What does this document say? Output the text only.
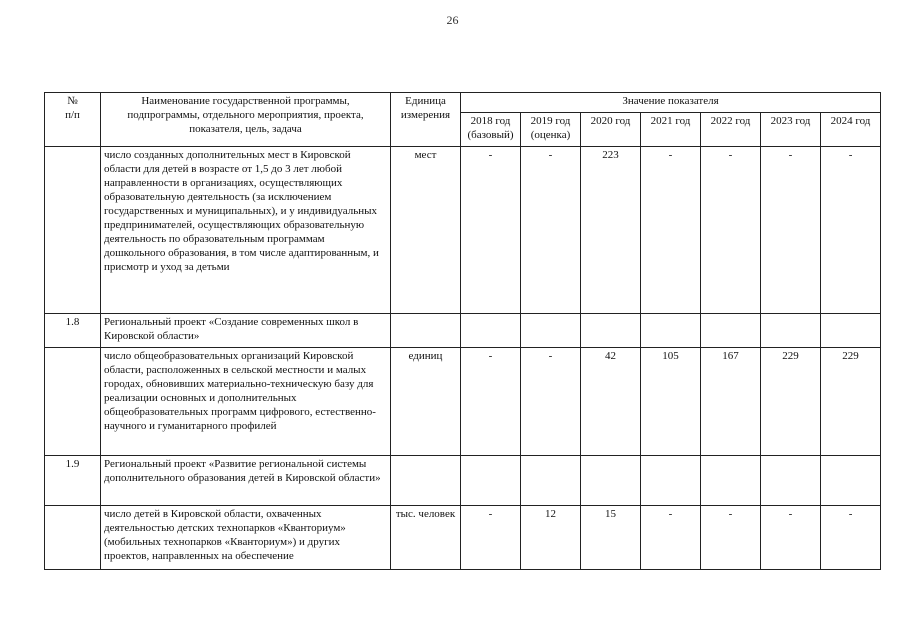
26
№
п/п	Наименование государственной программы, подпрограммы, отдельного мероприятия, проекта, показателя, цель, задача	Единица измерения	Значение показателя						
			2018 год (базовый)	2019 год (оценка)	2020 год	2021 год	2022 год	2023 год	2024 год
	число созданных дополнительных мест в Кировской области для детей в возрасте от 1,5 до 3 лет любой направленности в организациях, осуществляющих образовательную деятельность (за исключением государственных и муниципальных), и у индивидуальных предпринимателей, осуществляющих образовательную деятельность по образовательным программам дошкольного образования, в том числе адаптированным, и присмотр и уход за детьми	мест	-	-	223	-	-	-	-
1.8	Региональный проект «Создание современных школ в Кировской области»								
	число общеобразовательных организаций Кировской области, расположенных в сельской местности и малых городах, обновивших материально-техническую базу для реализации основных и дополнительных общеобразовательных программ цифрового, естественно-научного и гуманитарного профилей	единиц	-	-	42	105	167	229	229
1.9	Региональный проект «Развитие региональной системы дополнительного образования детей в Кировской области»								
	число детей в Кировской области, охваченных деятельностью детских технопарков «Кванториум» (мобильных технопарков «Кванториум») и других проектов, направленных на обеспечение	тыс. человек	-	12	15	-	-	-	-
